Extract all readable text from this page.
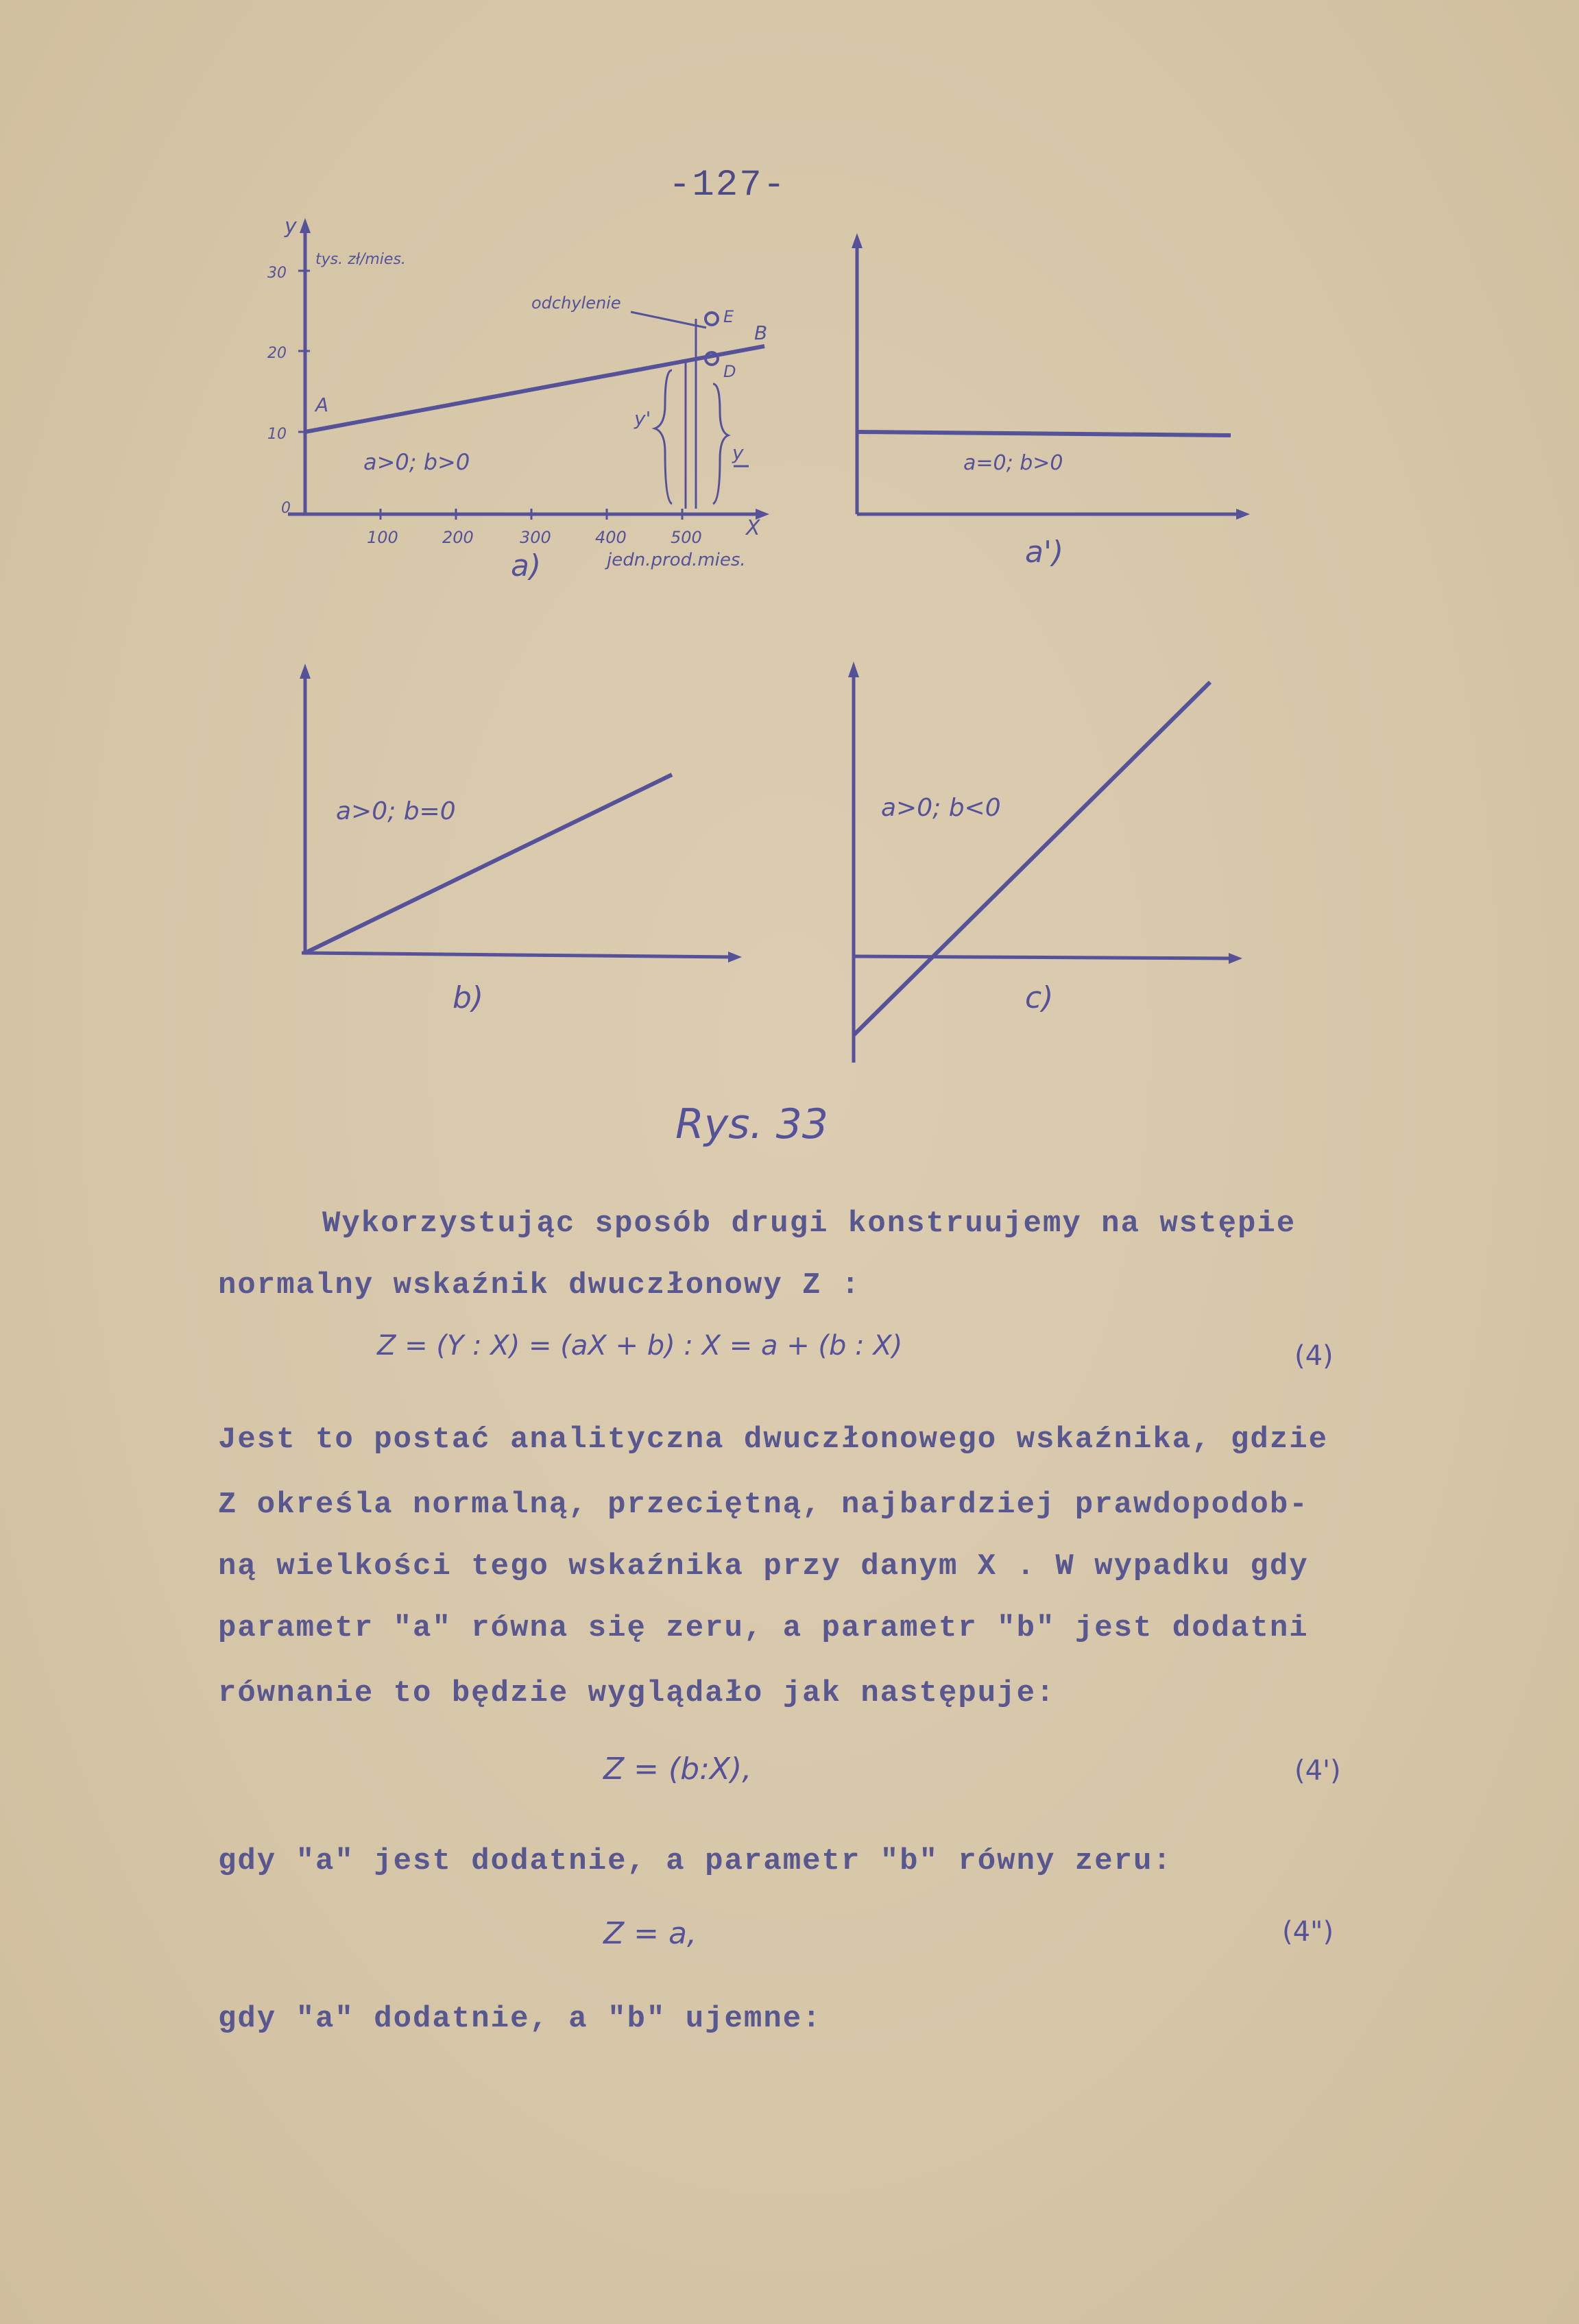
-127-
y
tys. zł/mies.
30
20
10
0
100	200	300	400	500 X
jedn.prod.mies.
odchylenie
A
B
D
E
y'
y
a>0; b>0
a)
a=0; b>0
a')
a>0; b=0
b)
a>0; b<0
c)
Rys. 33
Wykorzystując sposób drugi konstruujemy na wstępie
normalny wskaźnik dwuczłonowy Z :
Z = (Y : X) = (aX + b) : X = a + (b : X)	(4)
Jest to postać analityczna dwuczłonowego wskaźnika, gdzie
Z określa normalną, przeciętną, najbardziej prawdopodob-
ną wielkości tego wskaźnika przy danym X . W wypadku gdy
parametr "a" równa się zeru, a parametr "b" jest dodatni
równanie to będzie wyglądało jak następuje:
Z = (b:X),	(4')
gdy "a" jest dodatnie, a parametr "b" równy zeru:
Z = a,	(4")
gdy "a" dodatnie, a "b" ujemne:
